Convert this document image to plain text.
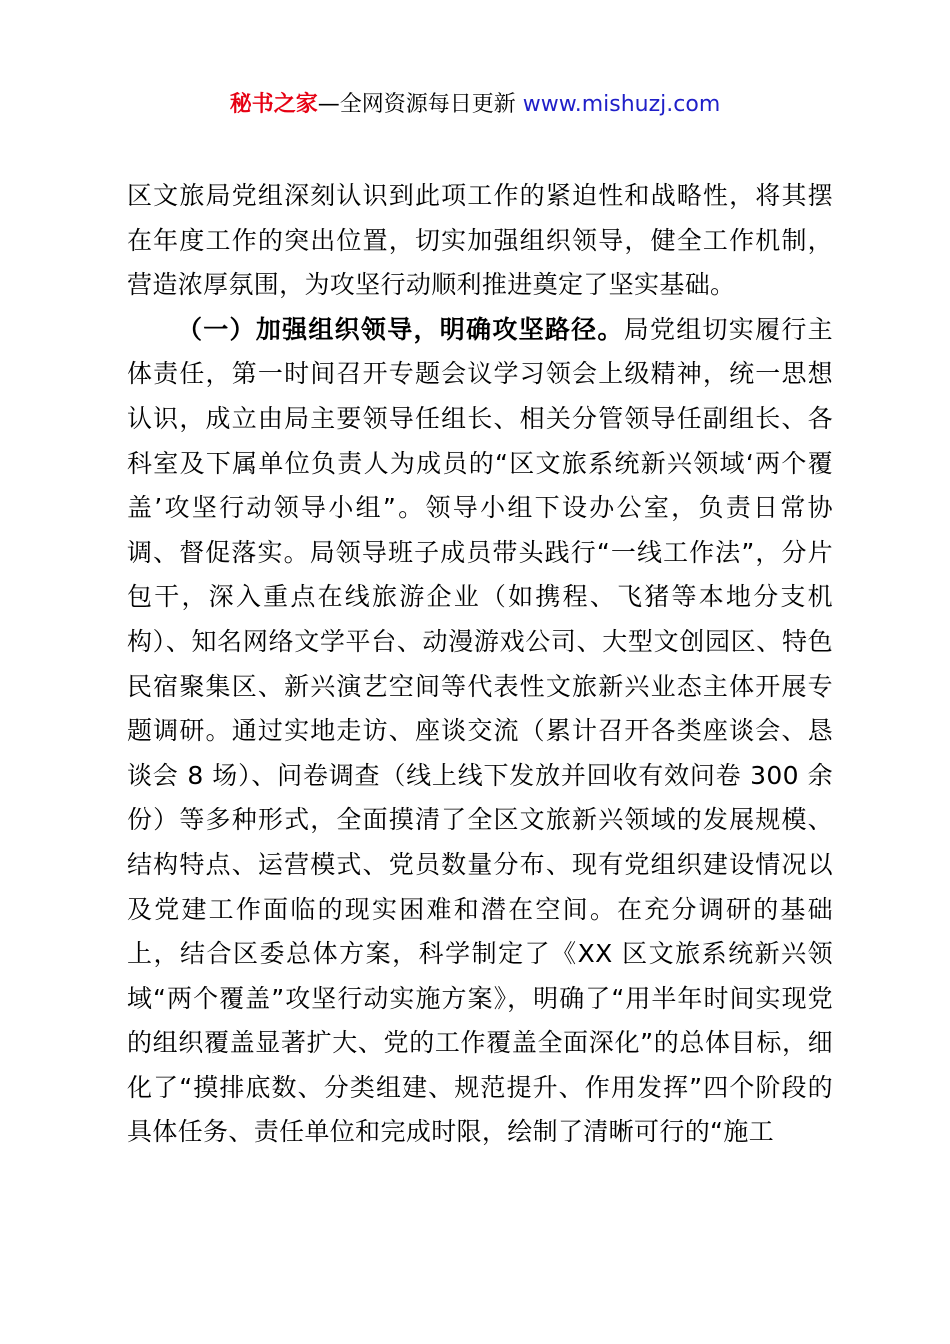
秘书之家—全网资源每日更新 www.mishuzj.com

区文旅局党组深刻认识到此项工作的紧迫性和战略性，将其摆在年度工作的突出位置，切实加强组织领导，健全工作机制，营造浓厚氛围，为攻坚行动顺利推进奠定了坚实基础。

（一）加强组织领导，明确攻坚路径。局党组切实履行主体责任，第一时间召开专题会议学习领会上级精神，统一思想认识，成立由局主要领导任组长、相关分管领导任副组长、各科室及下属单位负责人为成员的“区文旅系统新兴领域‘两个覆盖’攻坚行动领导小组”。领导小组下设办公室，负责日常协调、督促落实。局领导班子成员带头践行“一线工作法”，分片包干，深入重点在线旅游企业（如携程、飞猪等本地分支机构）、知名网络文学平台、动漫游戏公司、大型文创园区、特色民宿聚集区、新兴演艺空间等代表性文旅新兴业态主体开展专题调研。通过实地走访、座谈交流（累计召开各类座谈会、恳谈会 8 场）、问卷调查（线上线下发放并回收有效问卷 300 余份）等多种形式，全面摸清了全区文旅新兴领域的发展规模、结构特点、运营模式、党员数量分布、现有党组织建设情况以及党建工作面临的现实困难和潜在空间。在充分调研的基础上，结合区委总体方案，科学制定了《XX 区文旅系统新兴领域“两个覆盖”攻坚行动实施方案》，明确了“用半年时间实现党的组织覆盖显著扩大、党的工作覆盖全面深化”的总体目标，细化了“摸排底数、分类组建、规范提升、作用发挥”四个阶段的具体任务、责任单位和完成时限，绘制了清晰可行的“施工
